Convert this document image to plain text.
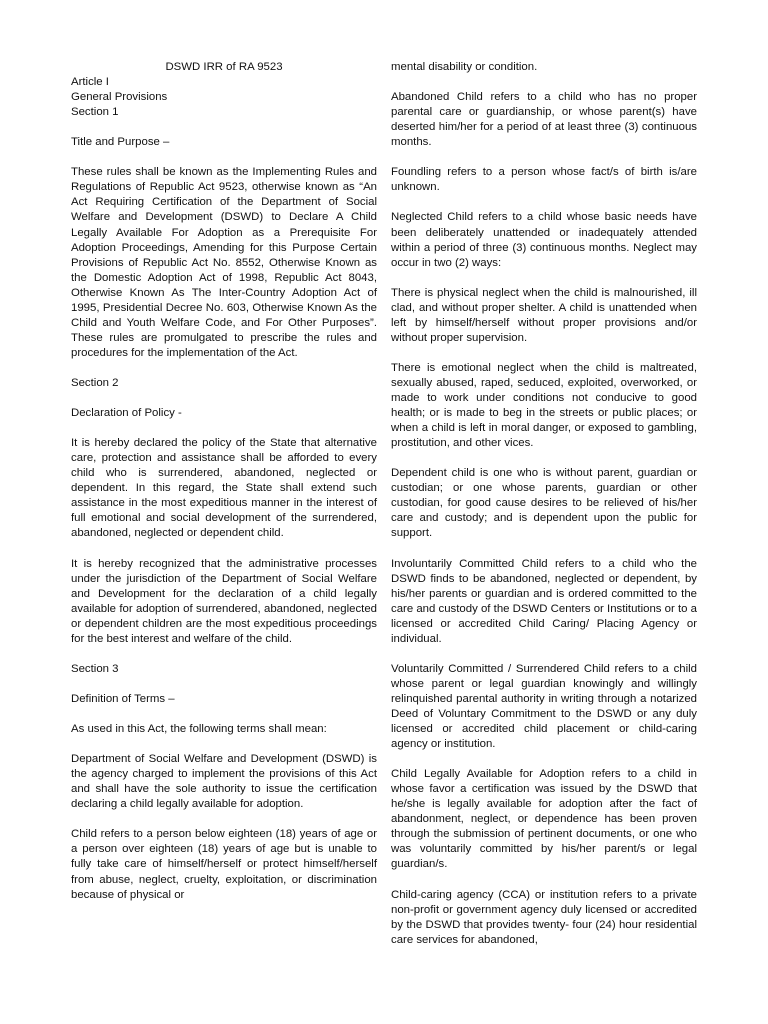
DSWD IRR of RA 9523

Article I

General Provisions

Section 1

Title and Purpose –

These rules shall be known as the Implementing Rules and Regulations of Republic Act 9523, otherwise known as “An Act Requiring Certification of the Department of Social Welfare and Development (DSWD) to Declare A Child Legally Available For Adoption as a Prerequisite For Adoption Proceedings, Amending for this Purpose Certain Provisions of Republic Act No. 8552, Otherwise Known as the Domestic Adoption Act of 1998, Republic Act 8043, Otherwise Known As The Inter-Country Adoption Act of 1995, Presidential Decree No. 603, Otherwise Known As the Child and Youth Welfare Code, and For Other Purposes”. These rules are promulgated to prescribe the rules and procedures for the implementation of the Act.

Section 2

Declaration of Policy -

It is hereby declared the policy of the State that alternative care, protection and assistance shall be afforded to every child who is surrendered, abandoned, neglected or dependent. In this regard, the State shall extend such assistance in the most expeditious manner in the interest of full emotional and social development of the surrendered, abandoned, neglected or dependent child.

It is hereby recognized that the administrative processes under the jurisdiction of the Department of Social Welfare and Development for the declaration of a child legally available for adoption of surrendered, abandoned, neglected or dependent children are the most expeditious proceedings for the best interest and welfare of the child.

Section 3

Definition of Terms –

As used in this Act, the following terms shall mean:

Department of Social Welfare and Development (DSWD) is the agency charged to implement the provisions of this Act and shall have the sole authority to issue the certification declaring a child legally available for adoption.

Child refers to a person below eighteen (18) years of age or a person over eighteen (18) years of age but is unable to fully take care of himself/herself or protect himself/herself from abuse, neglect, cruelty, exploitation, or discrimination because of physical or

mental disability or condition.

Abandoned Child refers to a child who has no proper parental care or guardianship, or whose parent(s) have deserted him/her for a period of at least three (3) continuous months.

Foundling refers to a person whose fact/s of birth is/are unknown.

Neglected Child refers to a child whose basic needs have been deliberately unattended or inadequately attended within a period of three (3) continuous months. Neglect may occur in two (2) ways:

There is physical neglect when the child is malnourished, ill clad, and without proper shelter. A child is unattended when left by himself/herself without proper provisions and/or without proper supervision.

There is emotional neglect when the child is maltreated, sexually abused, raped, seduced, exploited, overworked, or made to work under conditions not conducive to good health; or is made to beg in the streets or public places; or when a child is left in moral danger, or exposed to gambling, prostitution, and other vices.

Dependent child is one who is without parent, guardian or custodian; or one whose parents, guardian or other custodian, for good cause desires to be relieved of his/her care and custody; and is dependent upon the public for support.

Involuntarily Committed Child refers to a child who the DSWD finds to be abandoned, neglected or dependent, by his/her parents or guardian and is ordered committed to the care and custody of the DSWD Centers or Institutions or to a licensed or accredited Child Caring/ Placing Agency or individual.

Voluntarily Committed / Surrendered Child refers to a child whose parent or legal guardian knowingly and willingly relinquished parental authority in writing through a notarized Deed of Voluntary Commitment to the DSWD or any duly licensed or accredited child placement or child-caring agency or institution.

Child Legally Available for Adoption refers to a child in whose favor a certification was issued by the DSWD that he/she is legally available for adoption after the fact of abandonment, neglect, or dependence has been proven through the submission of pertinent documents, or one who was voluntarily committed by his/her parent/s or legal guardian/s.

Child-caring agency (CCA) or institution refers to a private non-profit or government agency duly licensed or accredited by the DSWD that provides twenty- four (24) hour residential care services for abandoned,
